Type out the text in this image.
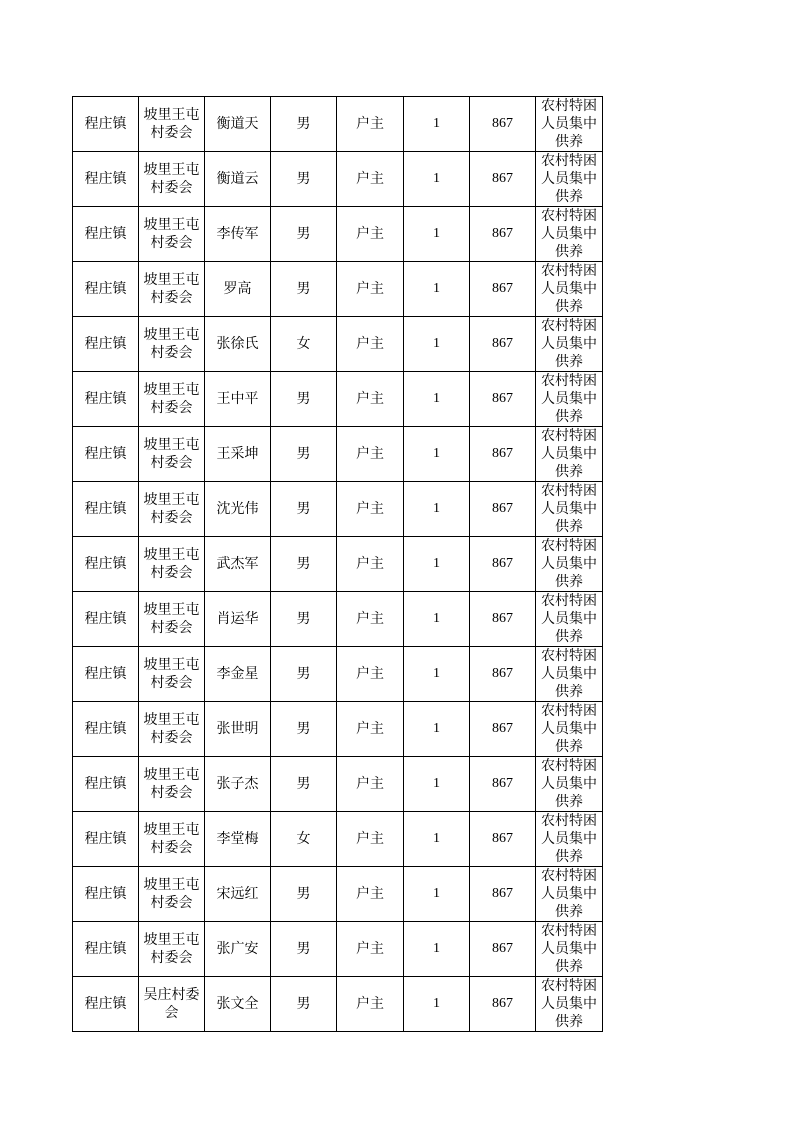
程庄镇	坡里王屯村委会	衡道天	男	户主	1	867	农村特困人员集中供养
程庄镇	坡里王屯村委会	衡道云	男	户主	1	867	农村特困人员集中供养
程庄镇	坡里王屯村委会	李传军	男	户主	1	867	农村特困人员集中供养
程庄镇	坡里王屯村委会	罗高	男	户主	1	867	农村特困人员集中供养
程庄镇	坡里王屯村委会	张徐氏	女	户主	1	867	农村特困人员集中供养
程庄镇	坡里王屯村委会	王中平	男	户主	1	867	农村特困人员集中供养
程庄镇	坡里王屯村委会	王采坤	男	户主	1	867	农村特困人员集中供养
程庄镇	坡里王屯村委会	沈光伟	男	户主	1	867	农村特困人员集中供养
程庄镇	坡里王屯村委会	武杰军	男	户主	1	867	农村特困人员集中供养
程庄镇	坡里王屯村委会	肖运华	男	户主	1	867	农村特困人员集中供养
程庄镇	坡里王屯村委会	李金星	男	户主	1	867	农村特困人员集中供养
程庄镇	坡里王屯村委会	张世明	男	户主	1	867	农村特困人员集中供养
程庄镇	坡里王屯村委会	张子杰	男	户主	1	867	农村特困人员集中供养
程庄镇	坡里王屯村委会	李堂梅	女	户主	1	867	农村特困人员集中供养
程庄镇	坡里王屯村委会	宋远红	男	户主	1	867	农村特困人员集中供养
程庄镇	坡里王屯村委会	张广安	男	户主	1	867	农村特困人员集中供养
程庄镇	吴庄村委会	张文全	男	户主	1	867	农村特困人员集中供养
